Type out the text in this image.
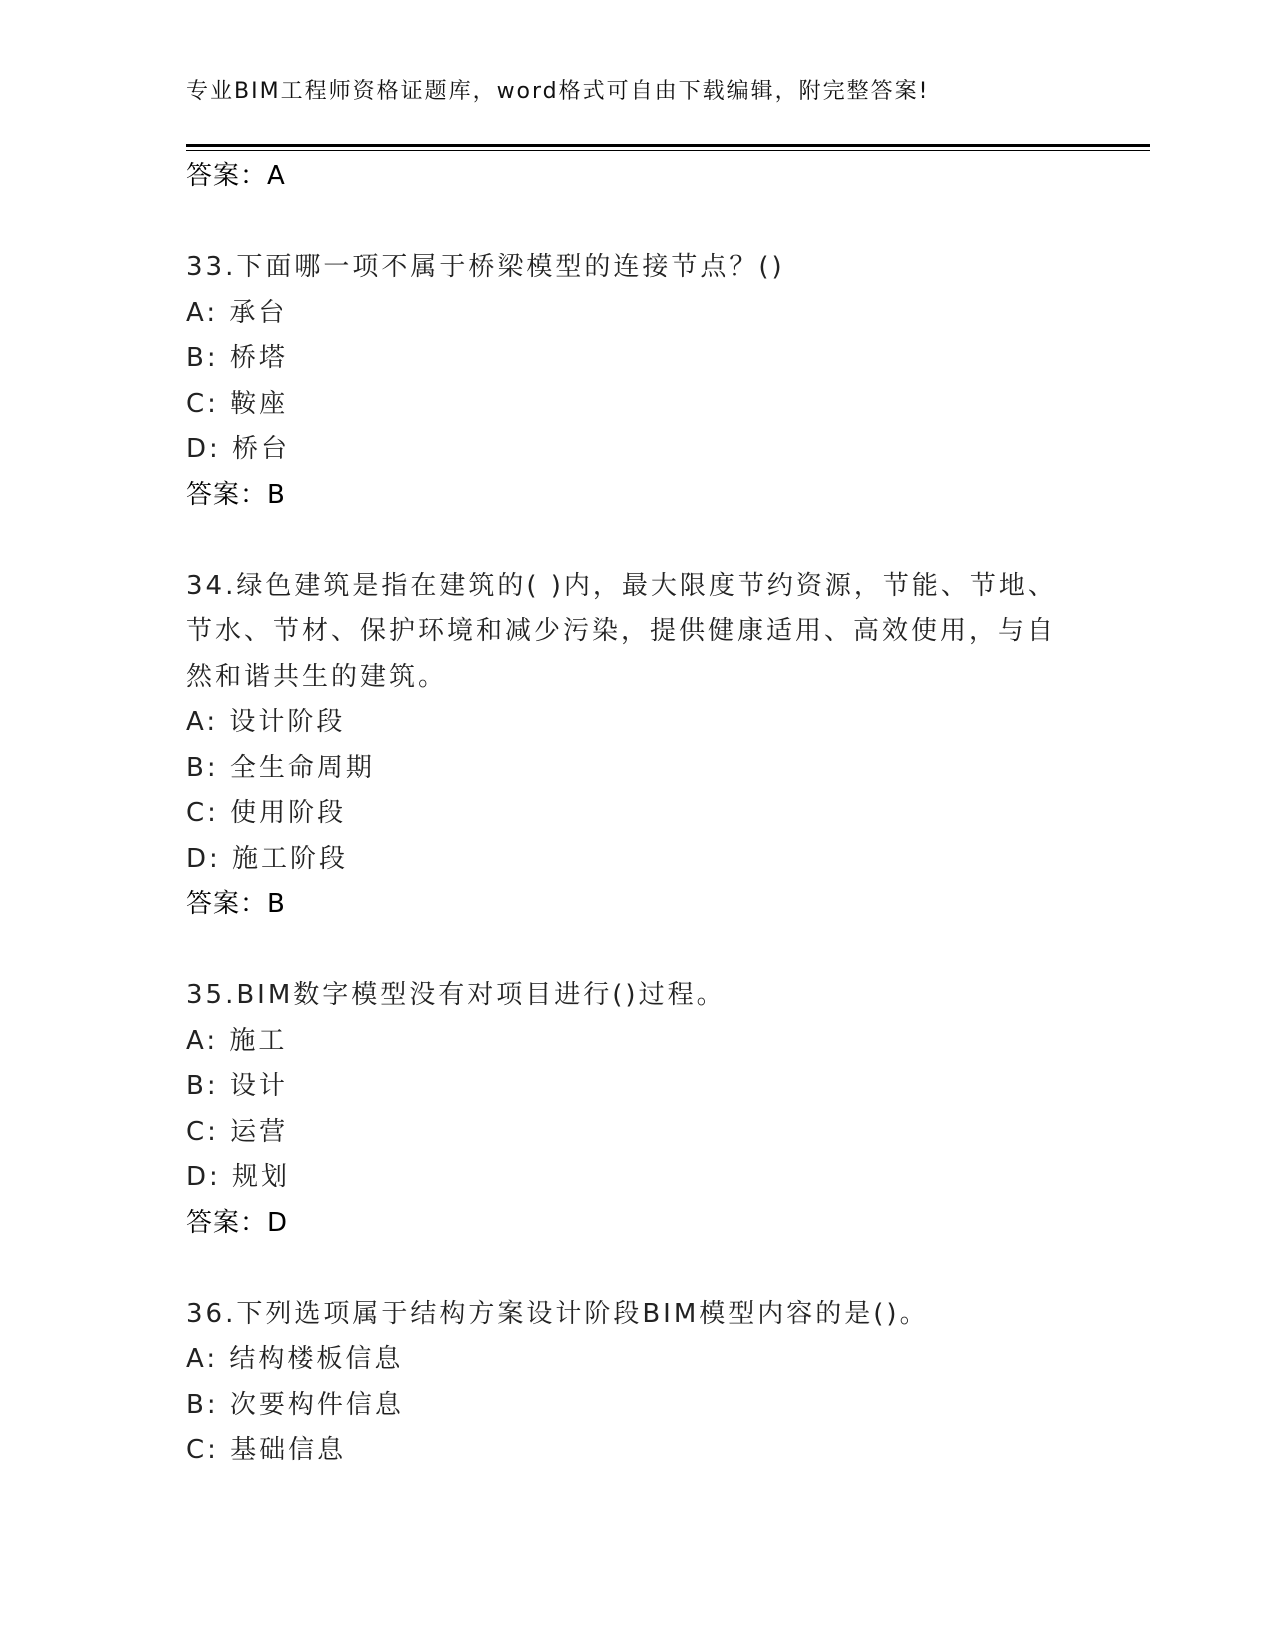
专业BIM工程师资格证题库，word格式可自由下载编辑，附完整答案!
答案：A
33.下面哪一项不属于桥梁模型的连接节点？()
A: 承台
B: 桥塔
C: 鞍座
D: 桥台
答案：B
34.绿色建筑是指在建筑的( )内，最大限度节约资源，节能、节地、
节水、节材、保护环境和减少污染，提供健康适用、高效使用，与自
然和谐共生的建筑。
A: 设计阶段
B: 全生命周期
C: 使用阶段
D: 施工阶段
答案：B
35.BIM数字模型没有对项目进行()过程。
A: 施工
B: 设计
C: 运营
D: 规划
答案：D
36.下列选项属于结构方案设计阶段BIM模型内容的是()。
A: 结构楼板信息
B: 次要构件信息
C: 基础信息
